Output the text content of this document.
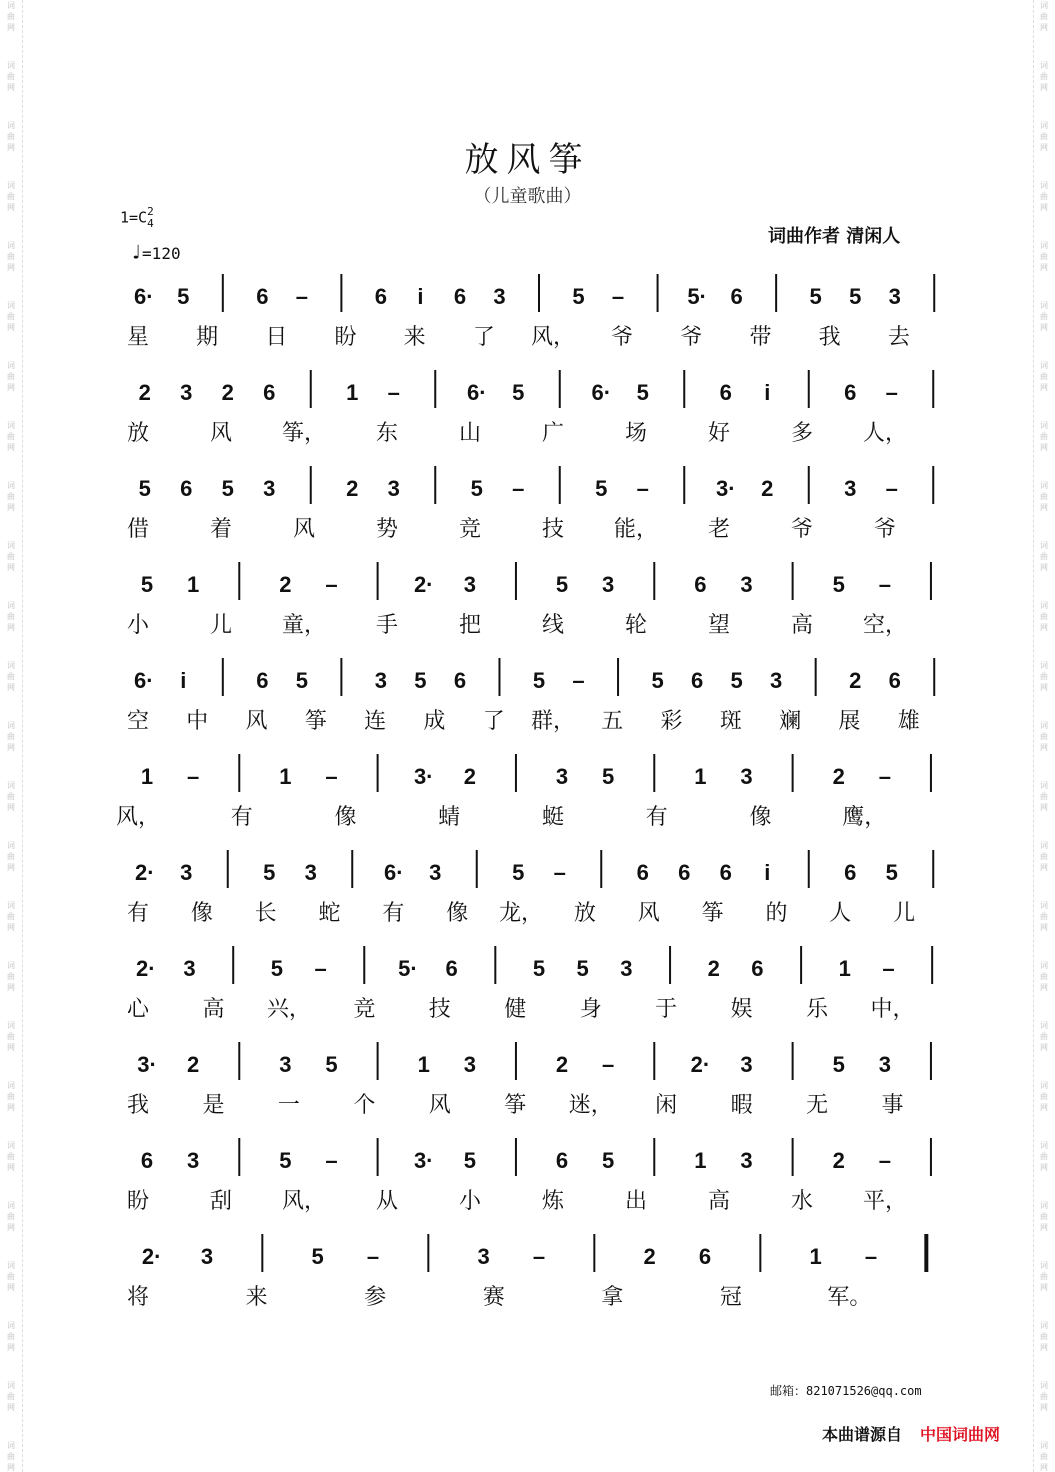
词
曲
网
词
曲
网
词
曲
网
词
曲
网
词
曲
网
词
曲
网
词
曲
网
词
曲
网
词
曲
网
词
曲
网
词
曲
网
词
曲
网
词
曲
网
词
曲
网
词
曲
网
词
曲
网
词
曲
网
词
曲
网
词
曲
网
词
曲
网
词
曲
网
词
曲
网
词
曲
网
词
曲
网
词
曲
网
词
曲
网
词
曲
网
词
曲
网
词
曲
网
词
曲
网
词
曲
网
词
曲
网
词
曲
网
词
曲
网
词
曲
网
词
曲
网
词
曲
网
词
曲
网
词
曲
网
词
曲
网
词
曲
网
词
曲
网
词
曲
网
词
曲
网
词
曲
网
词
曲
网
词
曲
网
词
曲
网
词
曲
网
词
曲
网
放风筝
（儿童歌曲）
1=C2
4
♩=120
词曲作者 清闲人
6· 5	6 –	6 i 6 3	5 –	5· 6	5 5 3
星 期 日 盼 来 了 风， 爷 爷 带 我 去
2 3 2 6	1 –	6· 5	6· 5	6 i	6 –
放	风 筝， 东	山	广	场	好	多 人，
5 6 5 3	2 3	5 –	5 –	3· 2	3 –
借	着	风	势	竞	技 能， 老	爷	爷
5 1	2 –	2· 3	5 3	6 3	5 –
小	儿 童， 手	把	线	轮	望	高 空，
6· i	6 5	3 5 6	5 –	5 6 5 3	2 6
空 中 风 筝 连 成 了 群， 五 彩 斑 斓 展 雄
1 –	1 –	3· 2	3 5	1 3	2 –
风，	有	像	蜻	蜓	有	像	鹰，
2· 3	5 3	6· 3	5 –	6 6 6 i	6 5
有 像 长 蛇 有 像 龙， 放 风 筝 的 人 儿
2· 3	5 –	5· 6	5 5 3	2 6	1 –
心 高 兴， 竞 技 健 身 于 娱 乐 中，
3· 2	3 5	1 3	2 –	2· 3	5 3
我 是 一 个 风 筝 迷， 闲 暇 无 事
6 3	5 –	3· 5	6 5	1 3	2 –
盼	刮 风， 从	小	炼	出	高	水 平，
2· 3	5 –	3 –	2 6	1 –
将	来	参	赛	拿	冠	军。
邮箱：821071526@qq.com
本曲谱源自 中国词曲网
